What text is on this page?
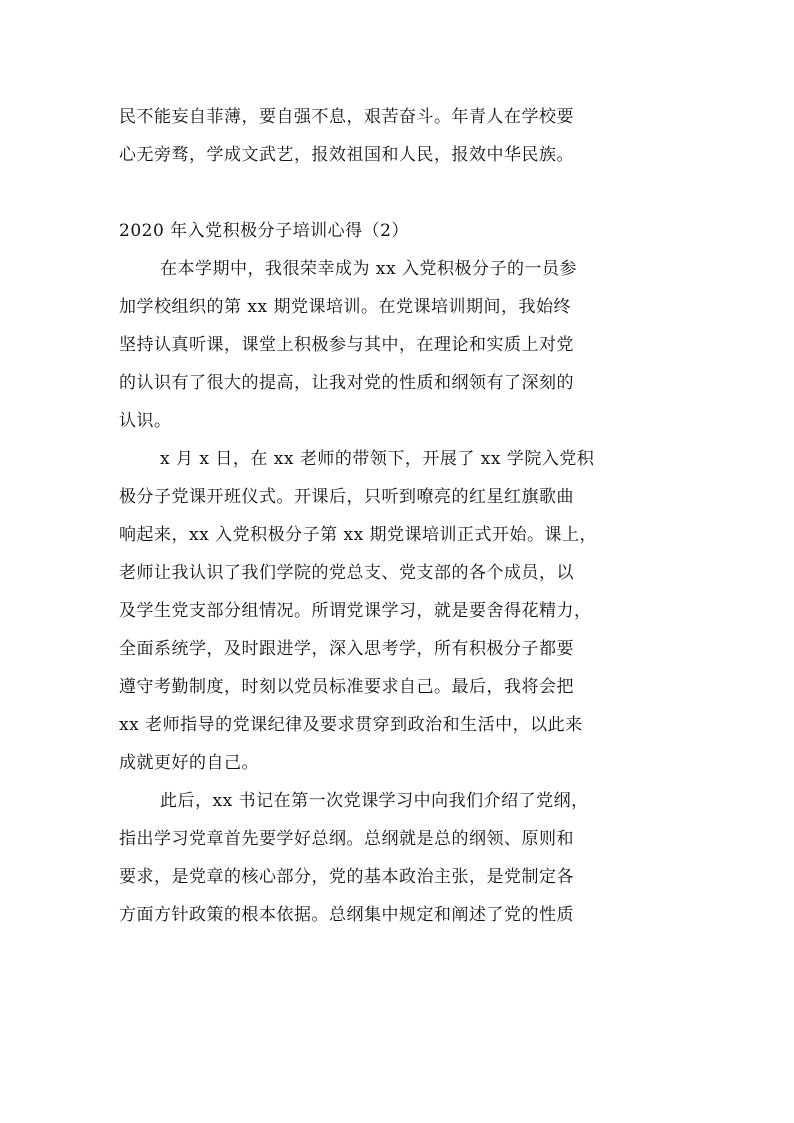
民不能妄自菲薄，要自强不息，艰苦奋斗。年青人在学校要
心无旁骛，学成文武艺，报效祖国和人民，报效中华民族。
2020 年入党积极分子培训心得（2）
在本学期中，我很荣幸成为 xx 入党积极分子的一员参
加学校组织的第 xx 期党课培训。在党课培训期间，我始终
坚持认真听课，课堂上积极参与其中，在理论和实质上对党
的认识有了很大的提高，让我对党的性质和纲领有了深刻的
认识。
x 月 x 日，在 xx 老师的带领下，开展了 xx 学院入党积
极分子党课开班仪式。开课后，只听到嘹亮的红星红旗歌曲
响起来，xx 入党积极分子第 xx 期党课培训正式开始。课上，
老师让我认识了我们学院的党总支、党支部的各个成员，以
及学生党支部分组情况。所谓党课学习，就是要舍得花精力，
全面系统学，及时跟进学，深入思考学，所有积极分子都要
遵守考勤制度，时刻以党员标准要求自己。最后，我将会把
xx 老师指导的党课纪律及要求贯穿到政治和生活中，以此来
成就更好的自己。
此后，xx 书记在第一次党课学习中向我们介绍了党纲，
指出学习党章首先要学好总纲。总纲就是总的纲领、原则和
要求，是党章的核心部分，党的基本政治主张，是党制定各
方面方针政策的根本依据。总纲集中规定和阐述了党的性质
